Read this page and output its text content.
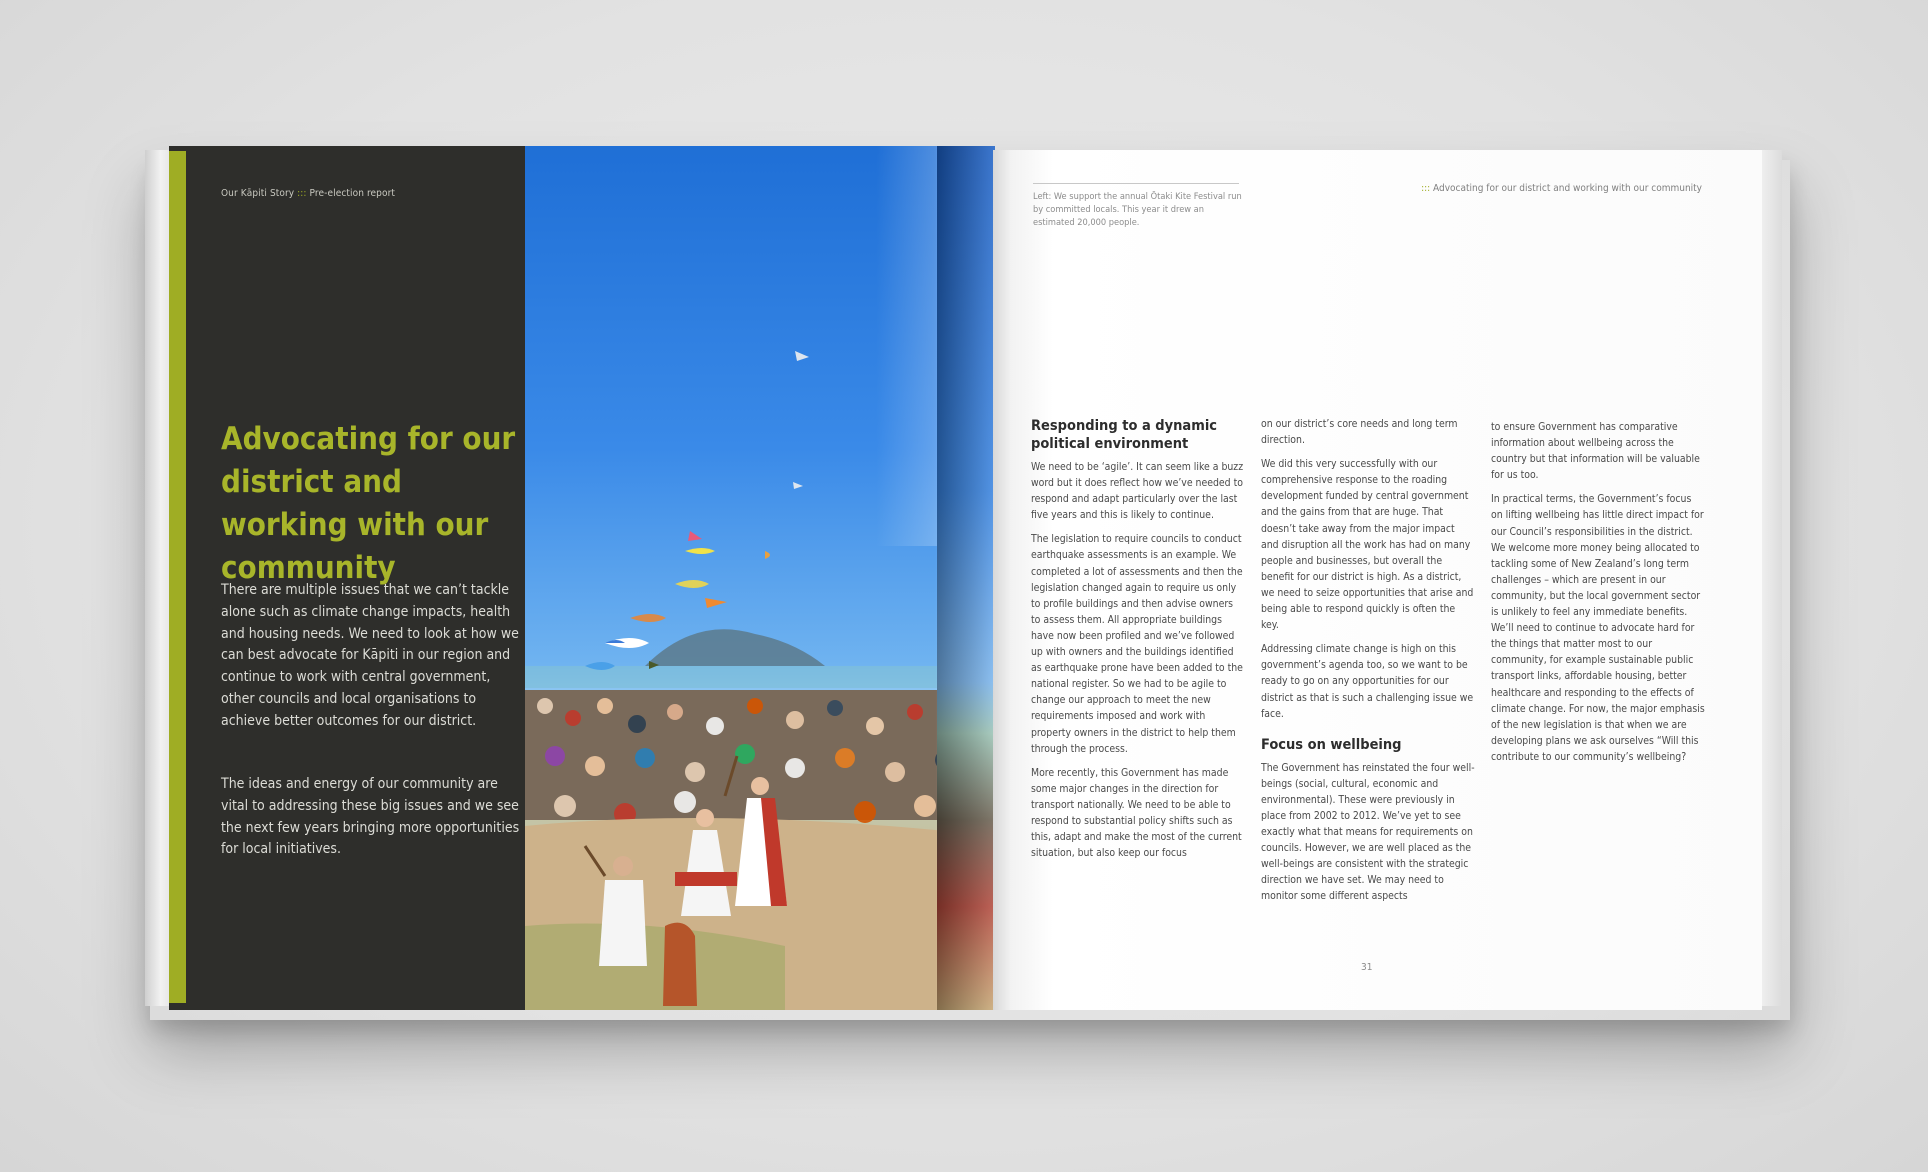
Our Kāpiti Story ::: Pre-election report
Advocating for our district and working with our community

There are multiple issues that we can’t tackle alone such as climate change impacts, health and housing needs. We need to look at how we can best advocate for Kāpiti in our region and continue to work with central government, other councils and local organisations to achieve better outcomes for our district.

The ideas and energy of our community are vital to addressing these big issues and we see the next few years bringing more opportunities for local initiatives.

Left: We support the annual Ōtaki Kite Festival run by committed locals. This year it drew an estimated 20,000 people.

::: Advocating for our district and working with our community
Responding to a dynamic political environment

We need to be ‘agile’. It can seem like a buzz word but it does reflect how we’ve needed to respond and adapt particularly over the last five years and this is likely to continue.

The legislation to require councils to conduct earthquake assessments is an example. We completed a lot of assessments and then the legislation changed again to require us only to profile buildings and then advise owners to assess them. All appropriate buildings have now been profiled and we’ve followed up with owners and the buildings identified as earthquake prone have been added to the national register. So we had to be agile to change our approach to meet the new requirements imposed and work with property owners in the district to help them through the process.

More recently, this Government has made some major changes in the direction for transport nationally. We need to be able to respond to substantial policy shifts such as this, adapt and make the most of the current situation, but also keep our focus

on our district’s core needs and long term direction.

We did this very successfully with our comprehensive response to the roading development funded by central government and the gains from that are huge. That doesn’t take away from the major impact and disruption all the work has had on many people and businesses, but overall the benefit for our district is high. As a district, we need to seize opportunities that arise and being able to respond quickly is often the key.

Addressing climate change is high on this government’s agenda too, so we want to be ready to go on any opportunities for our district as that is such a challenging issue we face.

Focus on wellbeing

The Government has reinstated the four well-beings (social, cultural, economic and environmental). These were previously in place from 2002 to 2012. We’ve yet to see exactly what that means for requirements on councils. However, we are well placed as the well-beings are consistent with the strategic direction we have set. We may need to monitor some different aspects

to ensure Government has comparative information about wellbeing across the country but that information will be valuable for us too.

In practical terms, the Government’s focus on lifting wellbeing has little direct impact for our Council’s responsibilities in the district. We welcome more money being allocated to tackling some of New Zealand’s long term challenges – which are present in our community, but the local government sector is unlikely to feel any immediate benefits. We’ll need to continue to advocate hard for the things that matter most to our community, for example sustainable public transport links, affordable housing, better healthcare and responding to the effects of climate change. For now, the major emphasis of the new legislation is that when we are developing plans we ask ourselves “Will this contribute to our community’s wellbeing?

31
